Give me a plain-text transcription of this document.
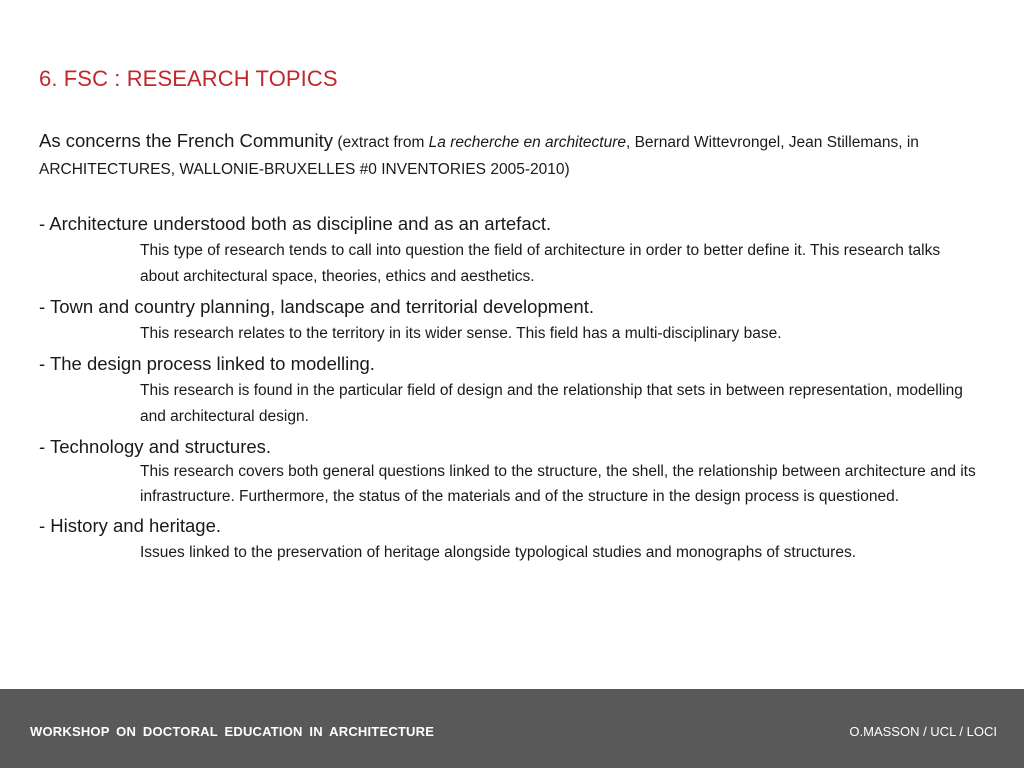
6. FSC : RESEARCH TOPICS
As concerns the French Community (extract from La recherche en architecture, Bernard Wittevrongel, Jean Stillemans, in ARCHITECTURES, WALLONIE-BRUXELLES #0 INVENTORIES 2005-2010)

- Architecture understood both as discipline and as an artefact.

This type of research tends to call into question the field of architecture in order to better define it. This research talks about architectural space, theories, ethics and aesthetics.

- Town and country planning, landscape and territorial development.

This research relates to the territory in its wider sense. This field has a multi-disciplinary base.

- The design process linked to modelling.

This research is found in the particular field of design and the relationship that sets in between representation, modelling and architectural design.

- Technology and structures.

This research covers both general questions linked to the structure, the shell, the relationship between architecture and its infrastructure. Furthermore, the status of the materials and of the structure in the design process is questioned.

- History and heritage.

Issues linked to the preservation of heritage alongside typological studies and monographs of structures.

WORKSHOP ON DOCTORAL EDUCATION IN ARCHITECTURE	O.MASSON / UCL / LOCI
